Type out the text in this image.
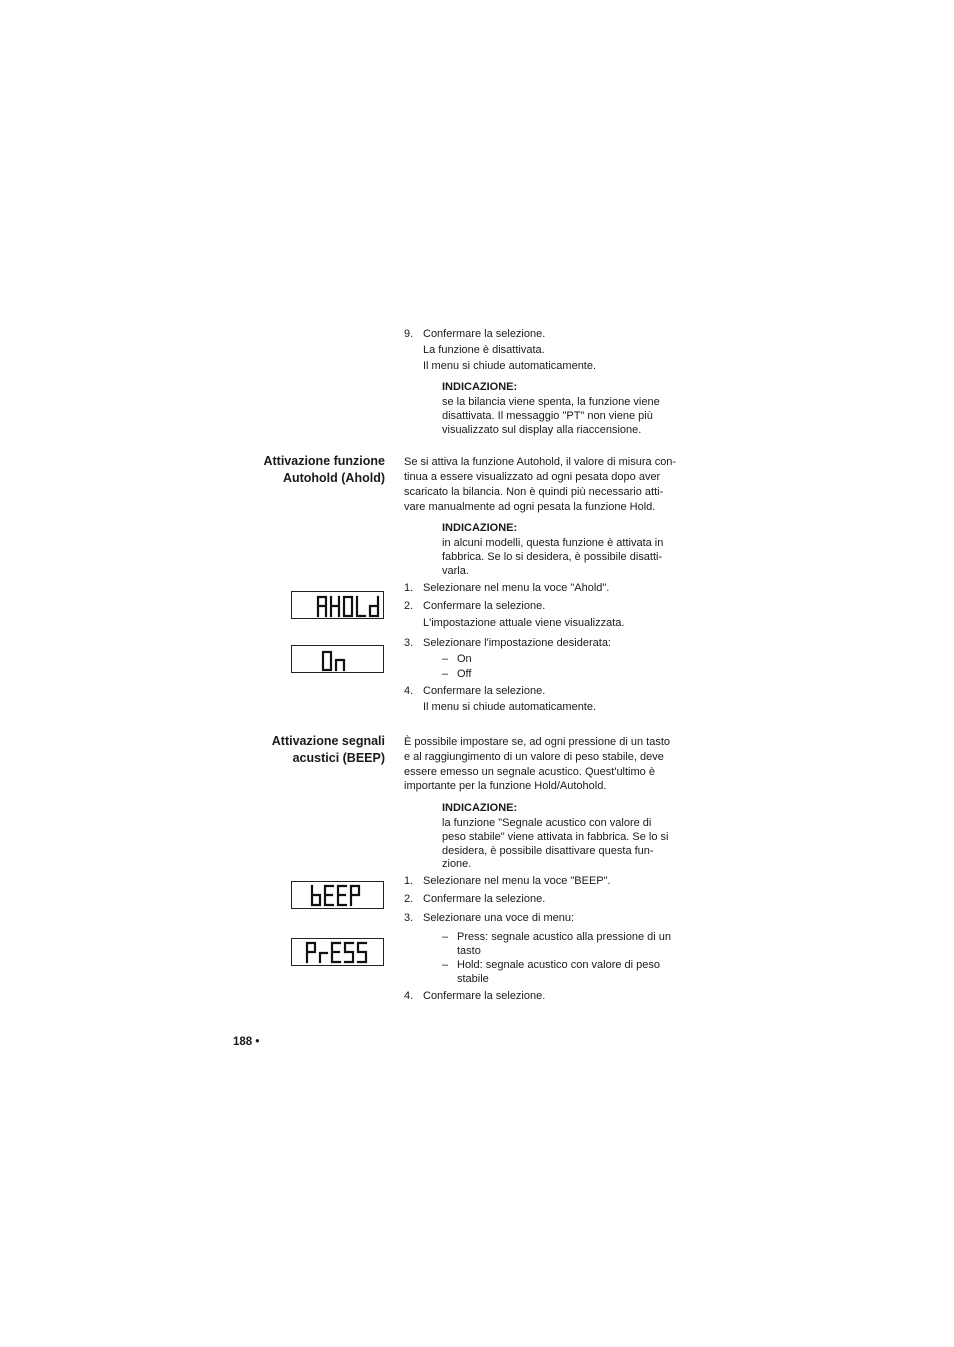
9. Confermare la selezione.
La funzione è disattivata.
Il menu si chiude automaticamente.
INDICAZIONE:
se la bilancia viene spenta, la funzione viene
disattivata. Il messaggio "PT" non viene più
visualizzato sul display alla riaccensione.
Attivazione funzione
Autohold (Ahold)
Se si attiva la funzione Autohold, il valore di misura con-
tinua a essere visualizzato ad ogni pesata dopo aver
scaricato la bilancia. Non è quindi più necessario atti-
vare manualmente ad ogni pesata la funzione Hold.
INDICAZIONE:
in alcuni modelli, questa funzione è attivata in
fabbrica. Se lo si desidera, è possibile disatti-
varla.
1. Selezionare nel menu la voce "Ahold".
2. Confermare la selezione.
L'impostazione attuale viene visualizzata.
3. Selezionare l'impostazione desiderata:
– On
– Off
4. Confermare la selezione.
Il menu si chiude automaticamente.
Attivazione segnali
acustici (BEEP)
È possibile impostare se, ad ogni pressione di un tasto
e al raggiungimento di un valore di peso stabile, deve
essere emesso un segnale acustico. Quest'ultimo è
importante per la funzione Hold/Autohold.
INDICAZIONE:
la funzione "Segnale acustico con valore di
peso stabile" viene attivata in fabbrica. Se lo si
desidera, è possibile disattivare questa fun-
zione.
1. Selezionare nel menu la voce "BEEP".
2. Confermare la selezione.
3. Selezionare una voce di menu:
– Press: segnale acustico alla pressione di un
tasto
– Hold: segnale acustico con valore di peso
stabile
4. Confermare la selezione.
188 •
